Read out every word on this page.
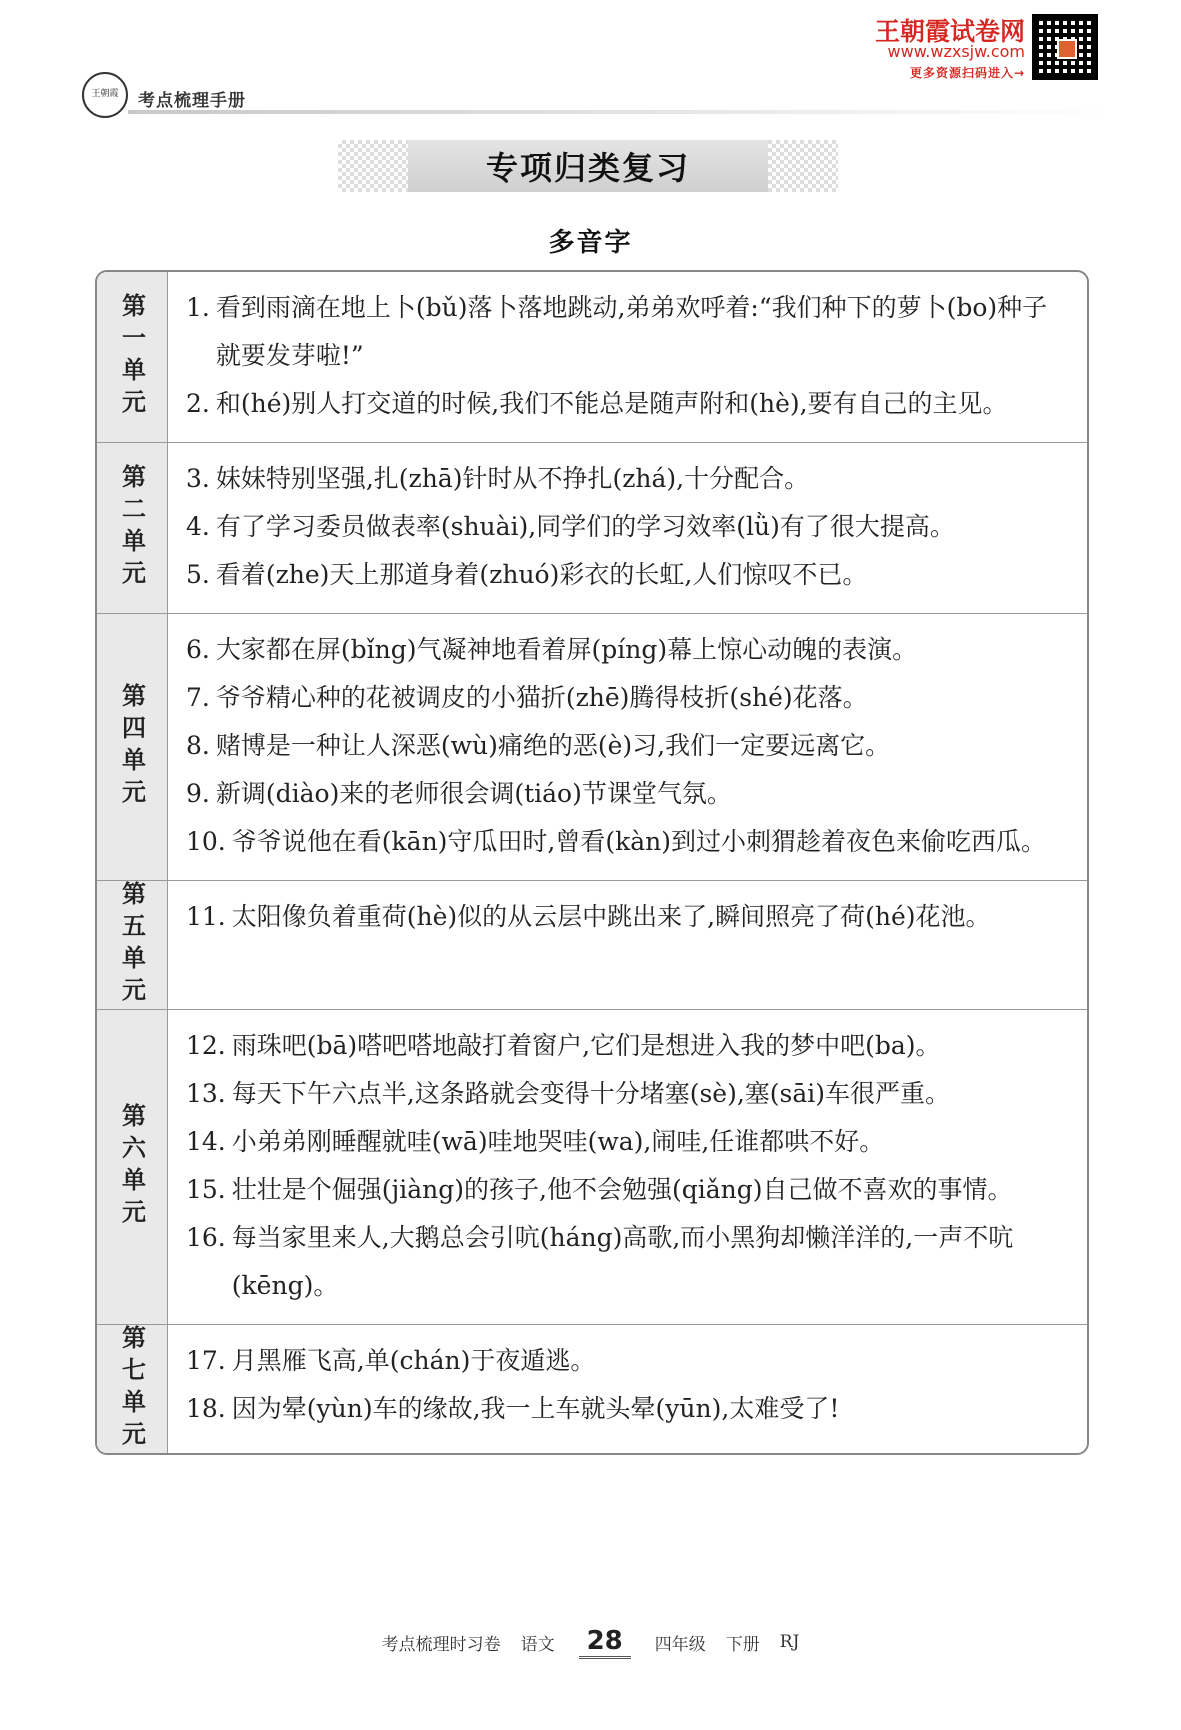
王朝霞试卷网
www.wzxsjw.com
更多资源扫码进入→
王朝霞 考点梳理手册
专项归类复习
多音字
第一单元 1. 看到雨滴在地上卜(bǔ)落卜落地跳动,弟弟欢呼着:“我们种下的萝卜(bo)种子就要发芽啦!”
2. 和(hé)别人打交道的时候,我们不能总是随声附和(hè),要有自己的主见。
第二单元 3. 妹妹特别坚强,扎(zhā)针时从不挣扎(zhá),十分配合。
4. 有了学习委员做表率(shuài),同学们的学习效率(lǜ)有了很大提高。
5. 看着(zhe)天上那道身着(zhuó)彩衣的长虹,人们惊叹不已。
第四单元
6. 大家都在屏(bǐng)气凝神地看着屏(píng)幕上惊心动魄的表演。
7. 爷爷精心种的花被调皮的小猫折(zhē)腾得枝折(shé)花落。
8. 赌博是一种让人深恶(wù)痛绝的恶(è)习,我们一定要远离它。
9. 新调(diào)来的老师很会调(tiáo)节课堂气氛。
10. 爷爷说他在看(kān)守瓜田时,曾看(kàn)到过小刺猬趁着夜色来偷吃西瓜。
第五单元 11. 太阳像负着重荷(hè)似的从云层中跳出来了,瞬间照亮了荷(hé)花池。
第六单元
12. 雨珠吧(bā)嗒吧嗒地敲打着窗户,它们是想进入我的梦中吧(ba)。
13. 每天下午六点半,这条路就会变得十分堵塞(sè),塞(sāi)车很严重。
14. 小弟弟刚睡醒就哇(wā)哇地哭哇(wa),闹哇,任谁都哄不好。
15. 壮壮是个倔强(jiàng)的孩子,他不会勉强(qiǎng)自己做不喜欢的事情。
16. 每当家里来人,大鹅总会引吭(háng)高歌,而小黑狗却懒洋洋的,一声不吭(kēng)。
第七单元 17. 月黑雁飞高,单(chán)于夜遁逃。
18. 因为晕(yùn)车的缘故,我一上车就头晕(yūn),太难受了!
考点梳理时习卷 语文	28	四年级 下册 RJ
